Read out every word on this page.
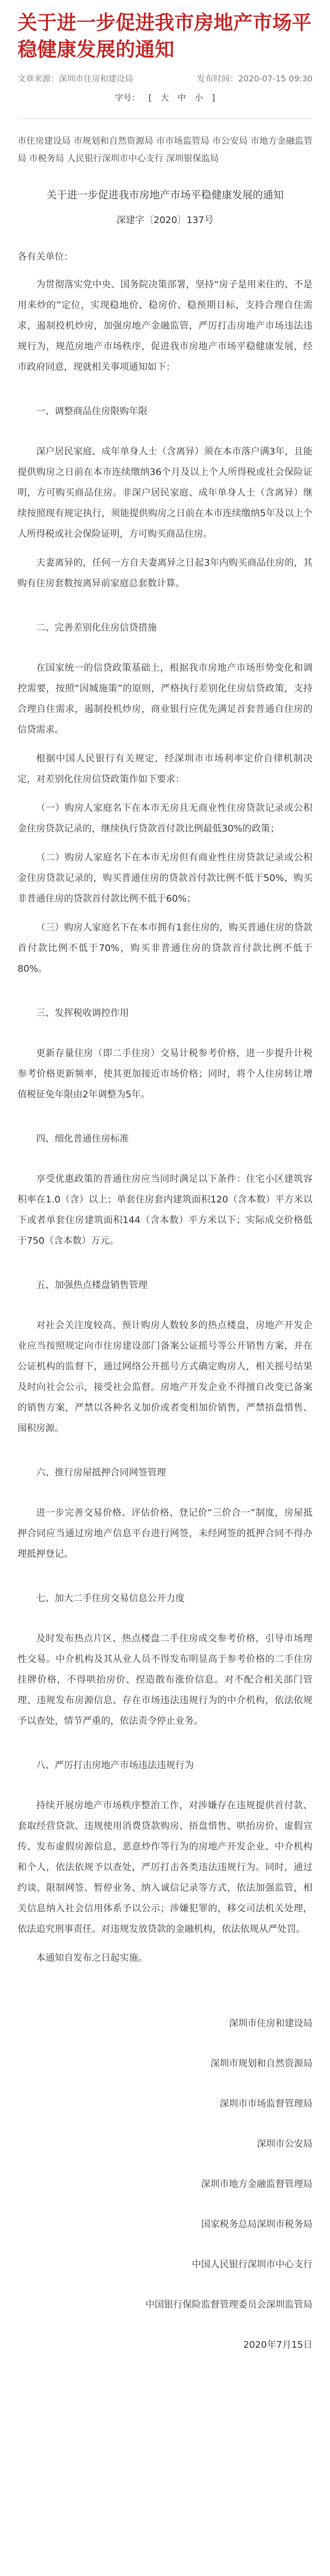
关于进一步促进我市房地产市场平稳健康发展的通知
文章来源：深圳市住房和建设局	发布时间：2020-07-15 09:30
字号： [ 大 中 小 ]

市住房建设局 市规划和自然资源局 市市场监管局 市公安局 市地方金融监管局 市税务局 人民银行深圳市中心支行 深圳银保监局

关于进一步促进我市房地产市场平稳健康发展的通知

深建字〔2020〕137号

各有关单位：

为贯彻落实党中央、国务院决策部署，坚持“房子是用来住的、不是用来炒的”定位，实现稳地价、稳房价、稳预期目标，支持合理自住需求，遏制投机炒房，加强房地产金融监管，严厉打击房地产市场违法违规行为，规范房地产市场秩序，促进我市房地产市场平稳健康发展，经市政府同意，现就相关事项通知如下：

一、调整商品住房限购年限

深户居民家庭、成年单身人士（含离异）须在本市落户满3年，且能提供购房之日前在本市连续缴纳36个月及以上个人所得税或社会保险证明，方可购买商品住房。非深户居民家庭、成年单身人士（含离异）继续按照现有规定执行，须能提供购房之日前在本市连续缴纳5年及以上个人所得税或社会保险证明，方可购买商品住房。

夫妻离异的，任何一方自夫妻离异之日起3年内购买商品住房的，其购有住房套数按离异前家庭总套数计算。

二、完善差别化住房信贷措施

在国家统一的信贷政策基础上，根据我市房地产市场形势变化和调控需要，按照“因城施策”的原则，严格执行差别化住房信贷政策，支持合理自住需求，遏制投机炒房，商业银行应优先满足首套普通自住房的信贷需求。

根据中国人民银行有关规定，经深圳市市场利率定价自律机制决定，对差别化住房信贷政策作如下要求：

（一）购房人家庭名下在本市无房且无商业性住房贷款记录或公积金住房贷款记录的，继续执行贷款首付款比例最低30%的政策；

（二）购房人家庭名下在本市无房但有商业性住房贷款记录或公积金住房贷款记录的，购买普通住房的贷款首付款比例不低于50%，购买非普通住房的贷款首付款比例不低于60%；

（三）购房人家庭名下在本市拥有1套住房的，购买普通住房的贷款首付款比例不低于70%，购买非普通住房的贷款首付款比例不低于80%。

三、发挥税收调控作用

更新存量住房（即二手住房）交易计税参考价格，进一步提升计税参考价格更新频率，使其更加接近市场价格；同时，将个人住房转让增值税征免年限由2年调整为5年。

四、细化普通住房标准

享受优惠政策的普通住房应当同时满足以下条件：住宅小区建筑容积率在1.0（含）以上；单套住房套内建筑面积120（含本数）平方米以下或者单套住房建筑面积144（含本数）平方米以下；实际成交价格低于750（含本数）万元。

五、加强热点楼盘销售管理

对社会关注度较高、预计购房人数较多的热点楼盘，房地产开发企业应当按照规定向市住房建设部门备案公证摇号等公开销售方案，并在公证机构的监督下，通过网络公开摇号方式确定购房人，相关摇号结果及时向社会公示，接受社会监督。房地产开发企业不得擅自改变已备案的销售方案，严禁以各种名义加价或者变相加价销售，严禁捂盘惜售、囤积房源。

六、推行房屋抵押合同网签管理

进一步完善交易价格、评估价格、登记价“三价合一”制度，房屋抵押合同应当通过房地产信息平台进行网签，未经网签的抵押合同不得办理抵押登记。

七、加大二手住房交易信息公开力度

及时发布热点片区、热点楼盘二手住房成交参考价格，引导市场理性交易。中介机构及其从业人员不得发布明显高于参考价格的二手住房挂牌价格，不得哄抬房价、捏造散布涨价信息。对不配合相关部门管理、违规发布房源信息、存在市场违法违规行为的中介机构，依法依规予以查处，情节严重的，依法责令停止业务。

八、严厉打击房地产市场违法违规行为

持续开展房地产市场秩序整治工作，对涉嫌存在违规提供首付款、套取经营贷款、违规使用消费贷款购房、捂盘惜售、哄抬房价、虚假宣传、发布虚假房源信息、恶意炒作等行为的房地产开发企业、中介机构和个人，依法依规予以查处，严厉打击各类违法违规行为。同时，通过约谈、限制网签、暂停业务、纳入诚信记录等方式，依法加强监管，相关信息纳入社会信用体系予以公示；涉嫌犯罪的，移交司法机关处理，依法追究刑事责任。对违规发放贷款的金融机构，依法依规从严处罚。

本通知自发布之日起实施。

深圳市住房和建设局

深圳市规划和自然资源局

深圳市市场监督管理局

深圳市公安局

深圳市地方金融监督管理局

国家税务总局深圳市税务局

中国人民银行深圳市中心支行

中国银行保险监督管理委员会深圳监管局

2020年7月15日
